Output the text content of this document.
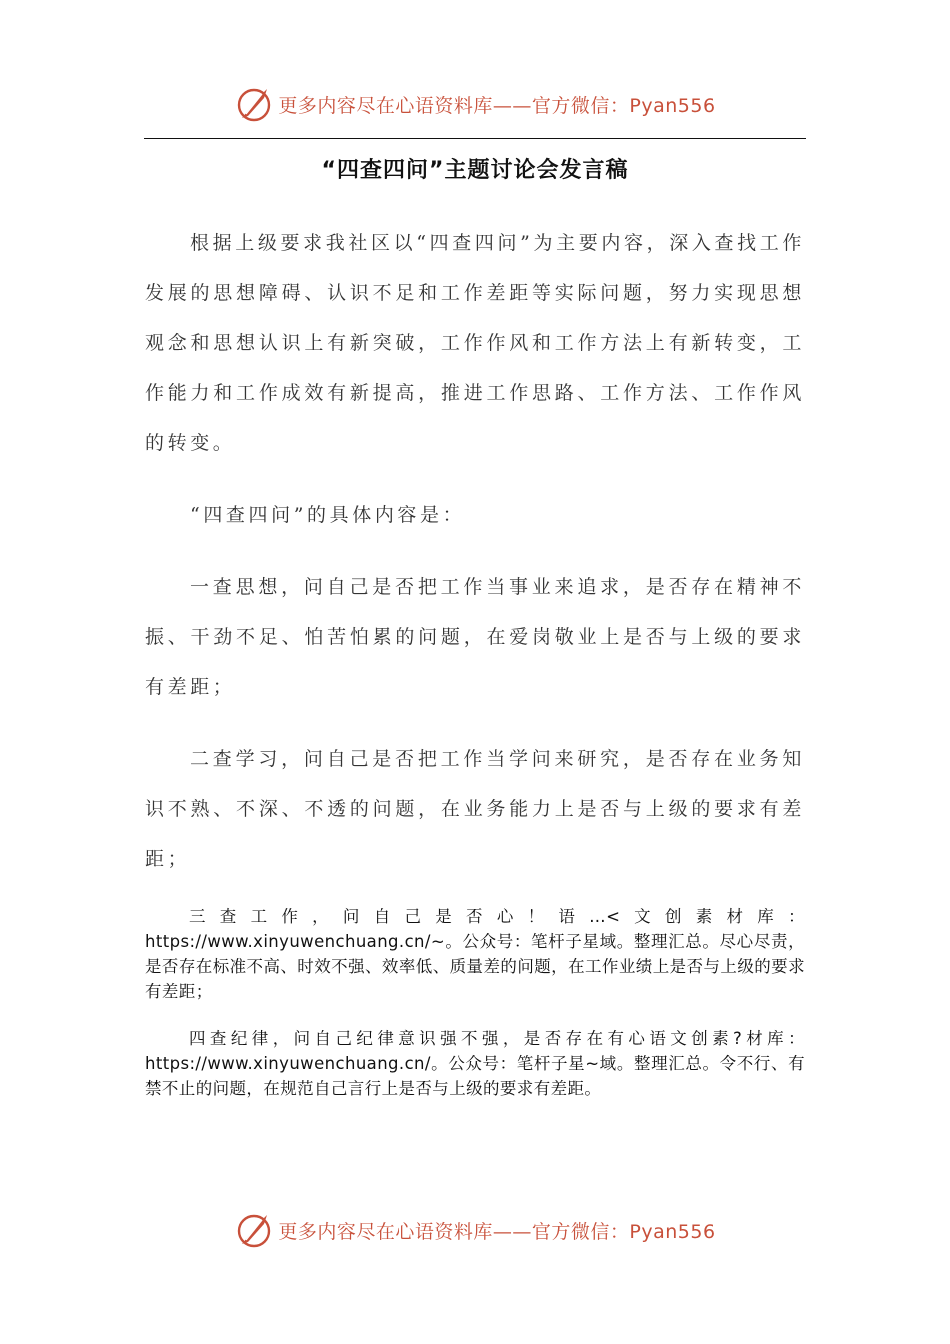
更多内容尽在心语资料库——官方微信：Pyan556
“四查四问”主题讨论会发言稿

根据上级要求我社区以“四查四问”为主要内容，深入查找工作发展的思想障碍、认识不足和工作差距等实际问题，努力实现思想观念和思想认识上有新突破，工作作风和工作方法上有新转变，工作能力和工作成效有新提高，推进工作思路、工作方法、工作作风的转变。

“四查四问”的具体内容是：

一查思想，问自己是否把工作当事业来追求，是否存在精神不振、干劲不足、怕苦怕累的问题，在爱岗敬业上是否与上级的要求有差距；

二查学习，问自己是否把工作当学问来研究，是否存在业务知识不熟、不深、不透的问题，在业务能力上是否与上级的要求有差距；

三查工作，问自己是否心！语…<文创素材库：https://www.xinyuwenchuang.cn/~。公众号：笔杆子星域。整理汇总。尽心尽责，是否存在标准不高、时效不强、效率低、质量差的问题，在工作业绩上是否与上级的要求有差距；

四查纪律，问自己纪律意识强不强，是否存在有心语文创素?材库：https://www.xinyuwenchuang.cn/。公众号：笔杆子星~域。整理汇总。令不行、有禁不止的问题，在规范自己言行上是否与上级的要求有差距。

更多内容尽在心语资料库——官方微信：Pyan556
